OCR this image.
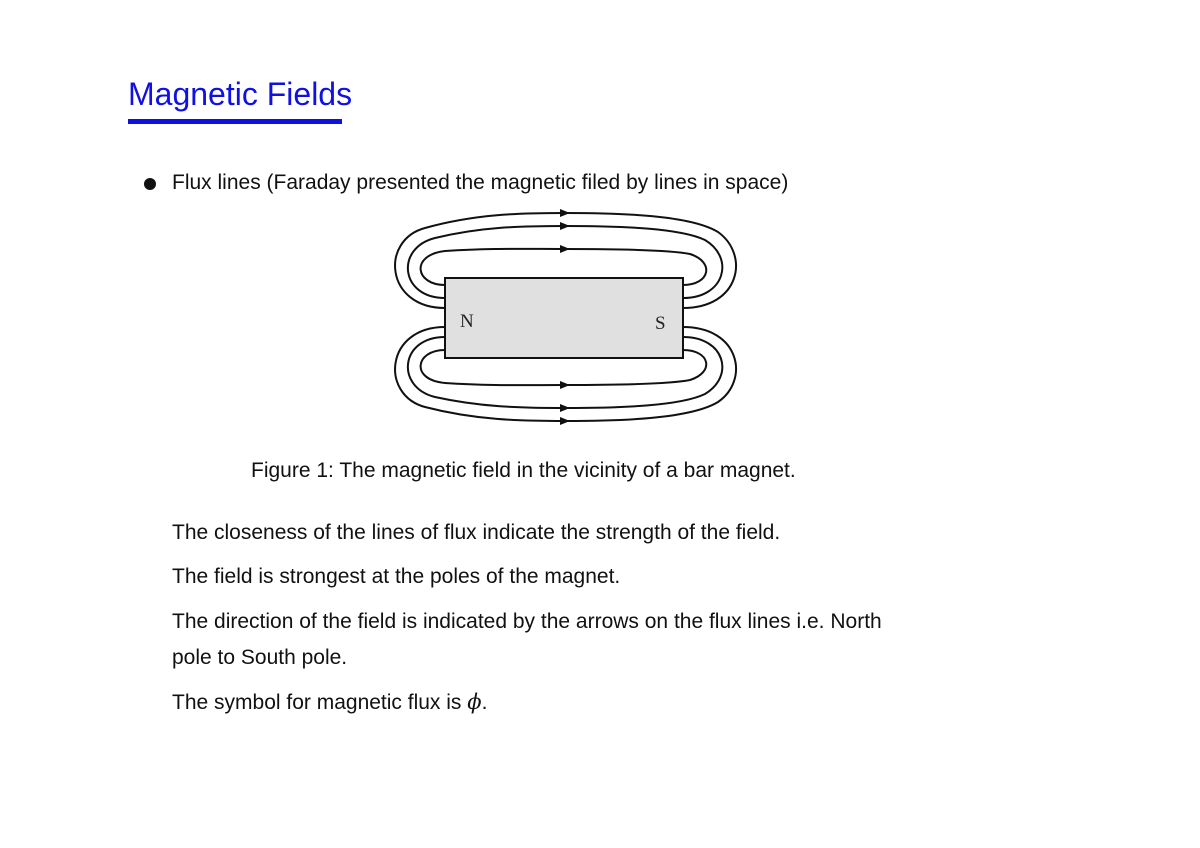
Magnetic Fields
Flux lines (Faraday presented the magnetic filed by lines in space)
N	S
Figure 1: The magnetic field in the vicinity of a bar magnet.
The closeness of the lines of flux indicate the strength of the field.
The field is strongest at the poles of the magnet.
The direction of the field is indicated by the arrows on the flux lines i.e. North
pole to South pole.
The symbol for magnetic flux is ϕ.
